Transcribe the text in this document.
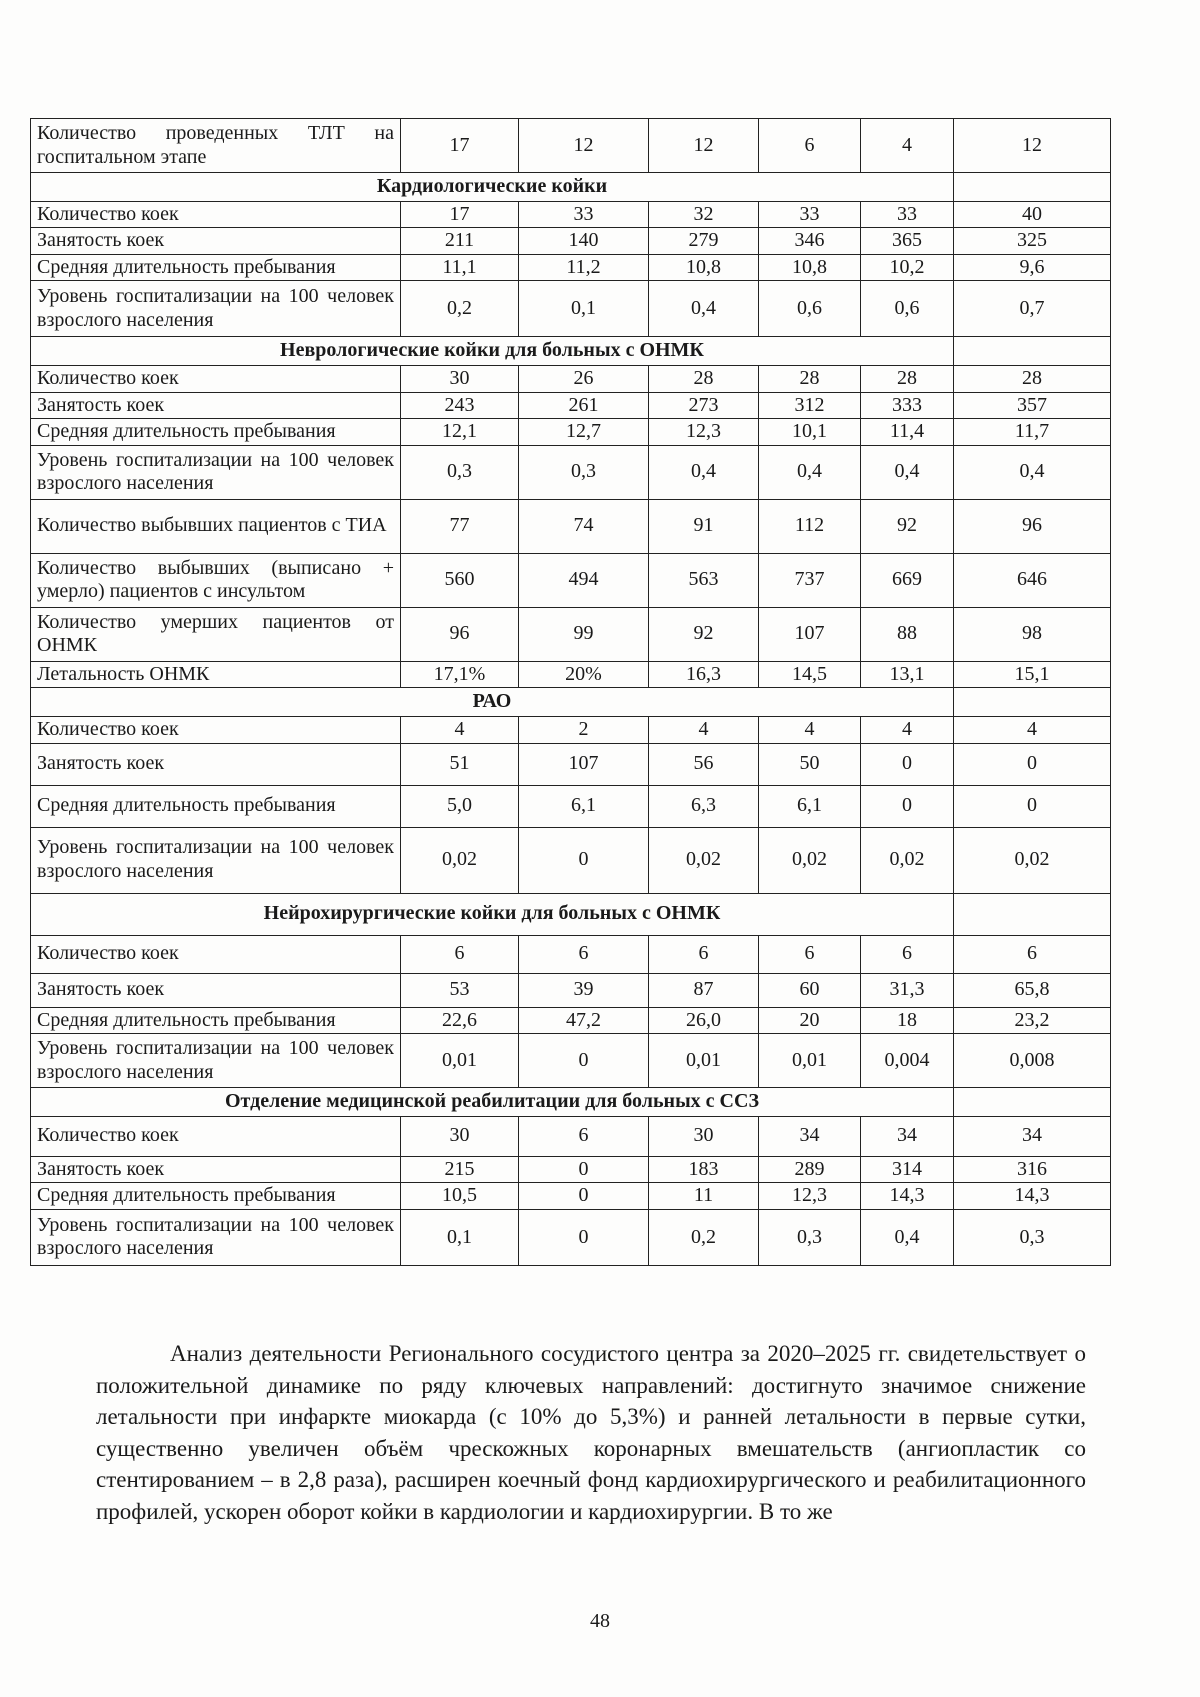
Количество проведенных ТЛТ на госпитальном этапе	17	12	12	6	4	12
Кардиологические койки						
Количество коек	17	33	32	33	33	40
Занятость коек	211	140	279	346	365	325
Средняя длительность пребывания	11,1	11,2	10,8	10,8	10,2	9,6
Уровень госпитализации на 100 человек взрослого населения	0,2	0,1	0,4	0,6	0,6	0,7
Неврологические койки для больных с ОНМК						
Количество коек	30	26	28	28	28	28
Занятость коек	243	261	273	312	333	357
Средняя длительность пребывания	12,1	12,7	12,3	10,1	11,4	11,7
Уровень госпитализации на 100 человек взрослого населения	0,3	0,3	0,4	0,4	0,4	0,4
Количество выбывших пациентов с ТИА	77	74	91	112	92	96
Количество выбывших (выписано + умерло) пациентов с инсультом	560	494	563	737	669	646
Количество умерших пациентов от ОНМК	96	99	92	107	88	98
Летальность ОНМК	17,1%	20%	16,3	14,5	13,1	15,1
РАО						
Количество коек	4	2	4	4	4	4
Занятость коек	51	107	56	50	0	0
Средняя длительность пребывания	5,0	6,1	6,3	6,1	0	0
Уровень госпитализации на 100 человек взрослого населения	0,02	0	0,02	0,02	0,02	0,02
Нейрохирургические койки для больных с ОНМК						
Количество коек	6	6	6	6	6	6
Занятость коек	53	39	87	60	31,3	65,8
Средняя длительность пребывания	22,6	47,2	26,0	20	18	23,2
Уровень госпитализации на 100 человек взрослого населения	0,01	0	0,01	0,01	0,004	0,008
Отделение медицинской реабилитации для больных с ССЗ						
Количество коек	30	6	30	34	34	34
Занятость коек	215	0	183	289	314	316
Средняя длительность пребывания	10,5	0	11	12,3	14,3	14,3
Уровень госпитализации на 100 человек взрослого населения	0,1	0	0,2	0,3	0,4	0,3

Анализ деятельности Регионального сосудистого центра за 2020–2025 гг. свидетельствует о положительной динамике по ряду ключевых направлений: достигнуто значимое снижение летальности при инфаркте миокарда (с 10% до 5,3%) и ранней летальности в первые сутки, существенно увеличен объём чрескожных коронарных вмешательств (ангиопластик со стентированием – в 2,8 раза), расширен коечный фонд кардиохирургического и реабилитационного профилей, ускорен оборот койки в кардиологии и кардиохирургии. В то же

48
